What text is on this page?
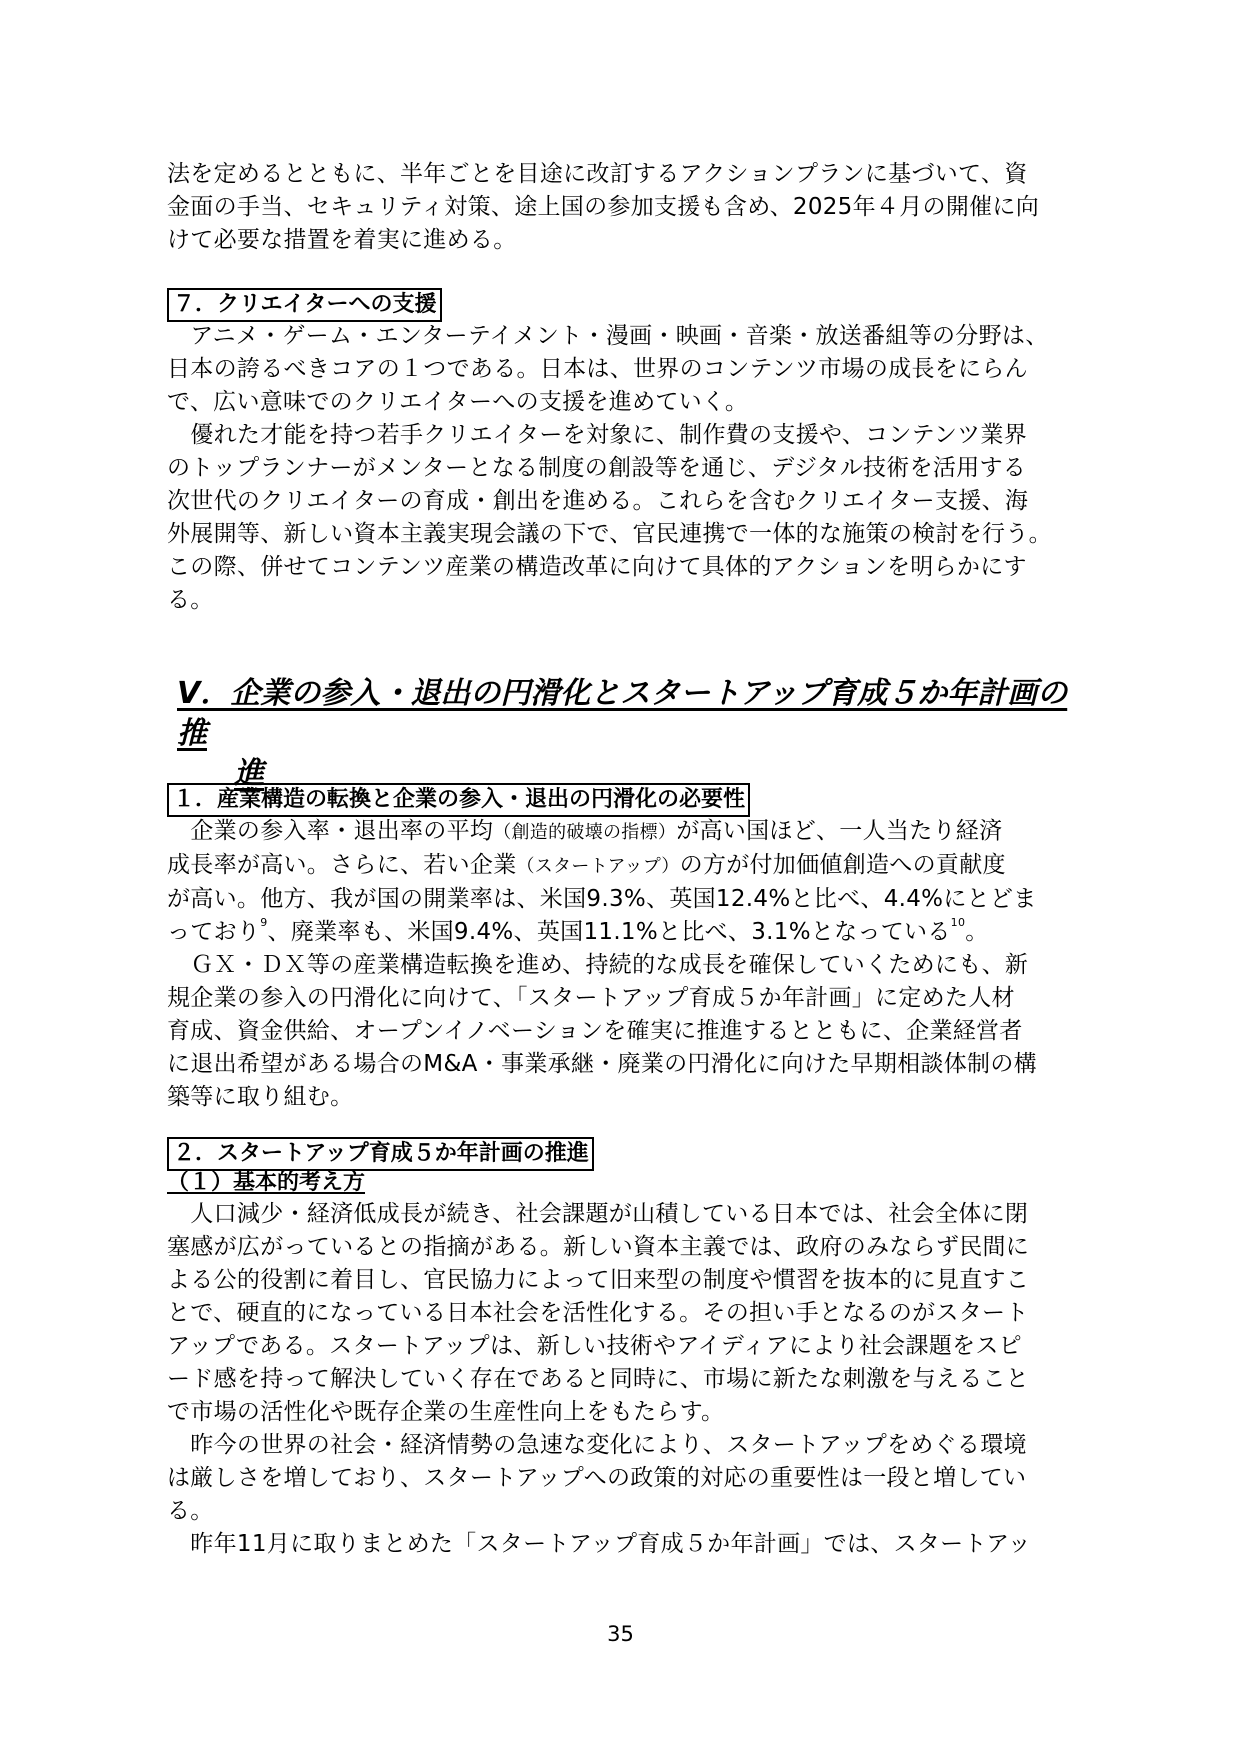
法を定めるとともに、半年ごとを目途に改訂するアクションプランに基づいて、資

金面の手当、セキュリティ対策、途上国の参加支援も含め、2025年４月の開催に向

けて必要な措置を着実に進める。

７．クリエイターへの支援

　アニメ・ゲーム・エンターテイメント・漫画・映画・音楽・放送番組等の分野は、

日本の誇るべきコアの１つである。日本は、世界のコンテンツ市場の成長をにらん

で、広い意味でのクリエイターへの支援を進めていく。

　優れた才能を持つ若手クリエイターを対象に、制作費の支援や、コンテンツ業界

のトップランナーがメンターとなる制度の創設等を通じ、デジタル技術を活用する

次世代のクリエイターの育成・創出を進める。これらを含むクリエイター支援、海

外展開等、新しい資本主義実現会議の下で、官民連携で一体的な施策の検討を行う。

この際、併せてコンテンツ産業の構造改革に向けて具体的アクションを明らかにす

る。

Ⅴ．企業の参入・退出の円滑化とスタートアップ育成５か年計画の推
進
１．産業構造の転換と企業の参入・退出の円滑化の必要性

　企業の参入率・退出率の平均（創造的破壊の指標）が高い国ほど、一人当たり経済

成長率が高い。さらに、若い企業（スタートアップ）の方が付加価値創造への貢献度

が高い。他方、我が国の開業率は、米国9.3%、英国12.4%と比べ、4.4%にとどま

っており$^9$、廃業率も、米国9.4%、英国11.1%と比べ、3.1%となっている$^{10}$。

　ＧＸ・ＤＸ等の産業構造転換を進め、持続的な成長を確保していくためにも、新

規企業の参入の円滑化に向けて、「スタートアップ育成５か年計画」に定めた人材

育成、資金供給、オープンイノベーションを確実に推進するとともに、企業経営者

に退出希望がある場合のM&A・事業承継・廃業の円滑化に向けた早期相談体制の構

築等に取り組む。

２．スタートアップ育成５か年計画の推進
（１）基本的考え方

　人口減少・経済低成長が続き、社会課題が山積している日本では、社会全体に閉

塞感が広がっているとの指摘がある。新しい資本主義では、政府のみならず民間に

よる公的役割に着目し、官民協力によって旧来型の制度や慣習を抜本的に見直すこ

とで、硬直的になっている日本社会を活性化する。その担い手となるのがスタート

アップである。スタートアップは、新しい技術やアイディアにより社会課題をスピ

ード感を持って解決していく存在であると同時に、市場に新たな刺激を与えること

で市場の活性化や既存企業の生産性向上をもたらす。

　昨今の世界の社会・経済情勢の急速な変化により、スタートアップをめぐる環境

は厳しさを増しており、スタートアップへの政策的対応の重要性は一段と増してい

る。

　昨年11月に取りまとめた「スタートアップ育成５か年計画」では、スタートアッ

35
